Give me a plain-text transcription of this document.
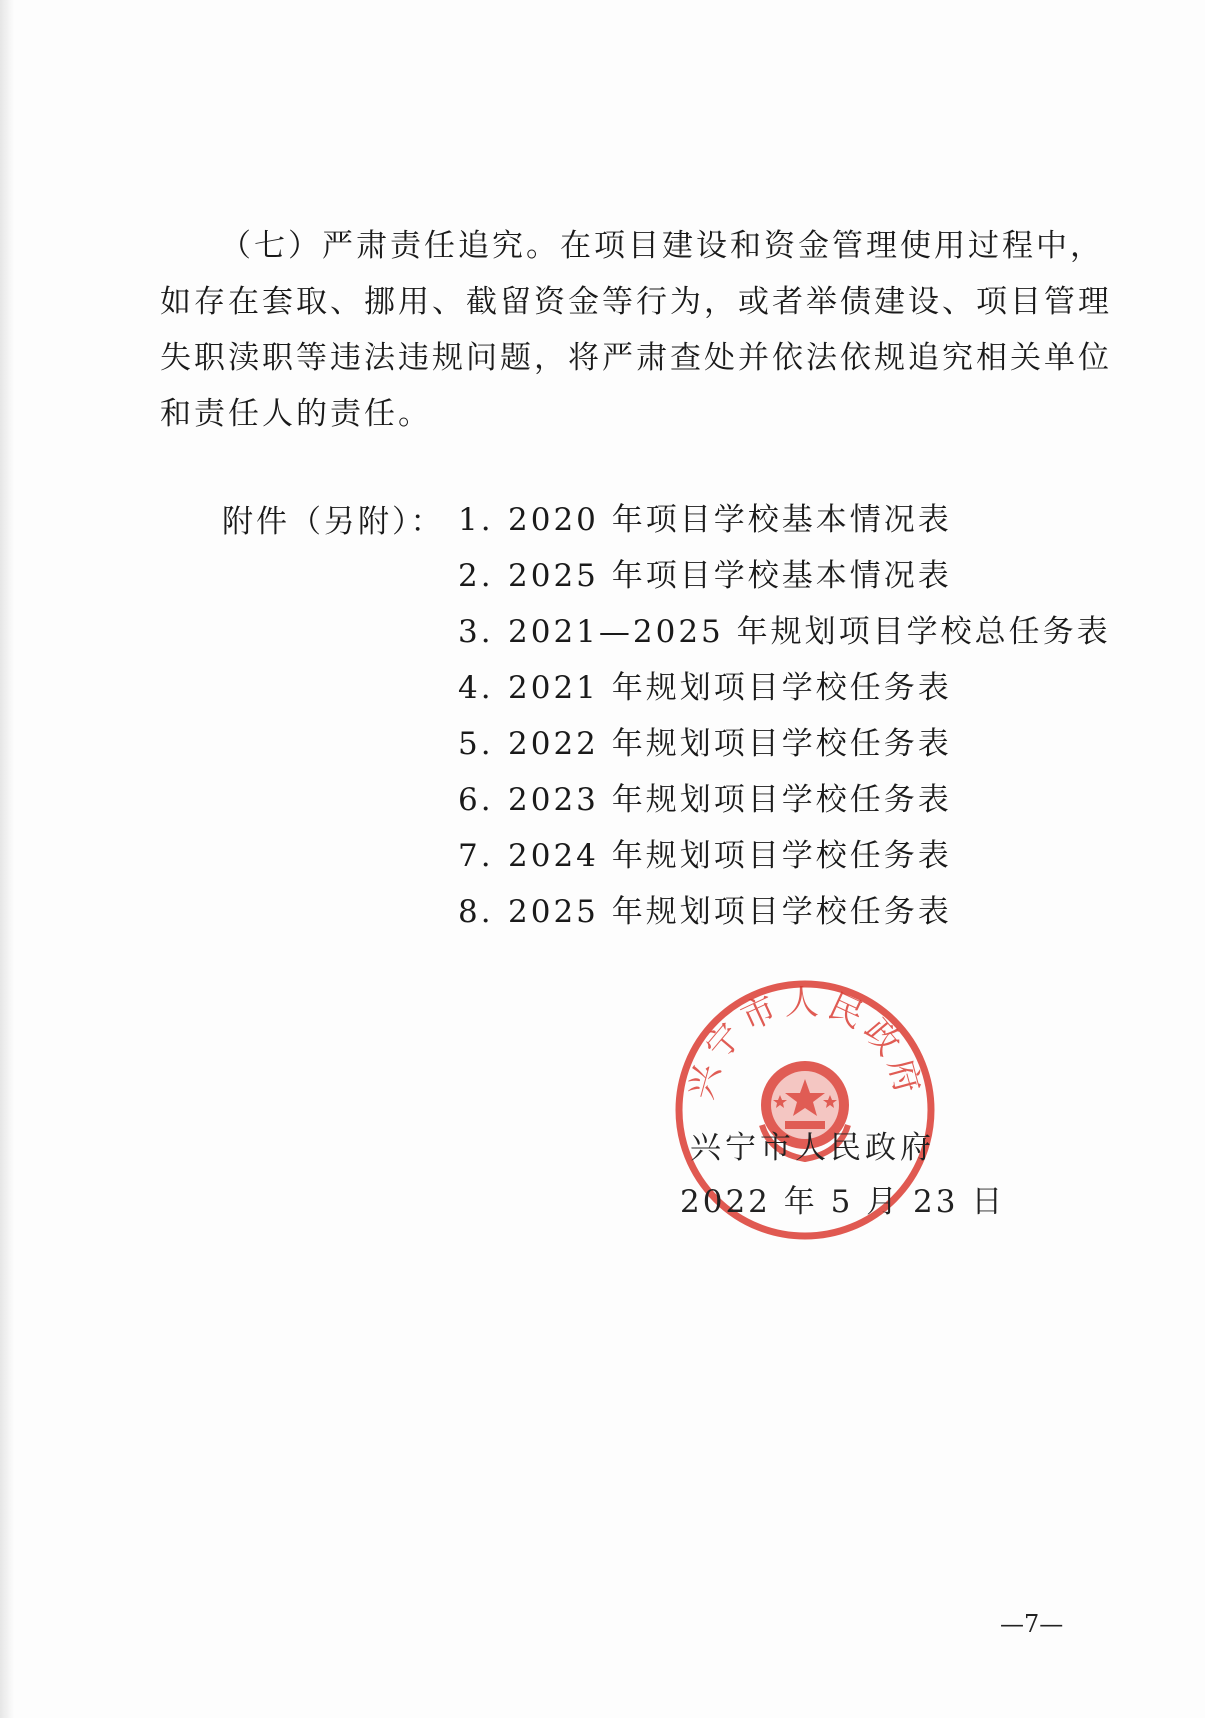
（七）严肃责任追究。在项目建设和资金管理使用过程中，
如存在套取、挪用、截留资金等行为，或者举债建设、项目管理
失职渎职等违法违规问题，将严肃查处并依法依规追究相关单位
和责任人的责任。

附件（另附）： 1. 2020 年项目学校基本情况表
2. 2025 年项目学校基本情况表
3. 2021—2025 年规划项目学校总任务表
4. 2021 年规划项目学校任务表
5. 2022 年规划项目学校任务表
6. 2023 年规划项目学校任务表
7. 2024 年规划项目学校任务表
8. 2025 年规划项目学校任务表
兴宁市人民政府
兴宁市人民政府
2022 年 5 月 23 日
—7—
